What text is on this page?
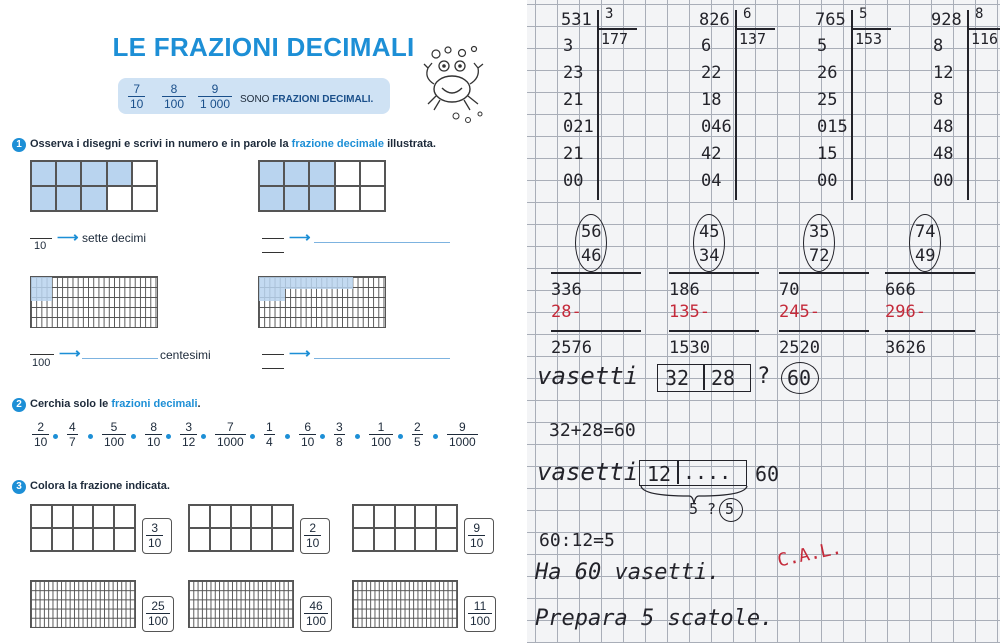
LE FRAZIONI DECIMALI
$\frac{7}{10} \frac{8}{100} \frac{9}{1 000}$ SONO FRAZIONI DECIMALI.
1 Osserva i disegni e scrivi in numero e in parole la frazione decimale illustrata.
10 ⟶ sette decimi	⟶
100
⟶	centesimi	⟶
2 Cerchia solo le frazioni decimali.
$\frac{2}{10} \frac{4}{7} \frac{5}{100} \frac{8}{10} \frac{3}{12} \frac{7}{1000} \frac{1}{4} \frac{6}{10} \frac{3}{8} \frac{1}{100} \frac{2}{5} \frac{9}{1000}$
3 Colora la frazione indicata.
$\frac{3}{10}$	$\frac{2}{10}$	$\frac{9}{10}$
$\frac{25}{100}$	$\frac{46}{100}$	$\frac{11}{100}$
531 3
177
3
23
21
021
21
00
826 6
137
6
22
18
046
42
04
765 5
153
5
26
25
015
15
00
928 8
116
8
12
8
48
48
00
56
46
336
28-
2576
45
34
186
135-
1530
35
72
70
245-
2520
74
49
666
296-
3626
vasetti 32 28 ? 60
32+28=60
vasetti 12 .... 60
5 ? 5
60:12=5
Ha 60 vasetti.
C.A.L.
Prepara 5 scatole.
